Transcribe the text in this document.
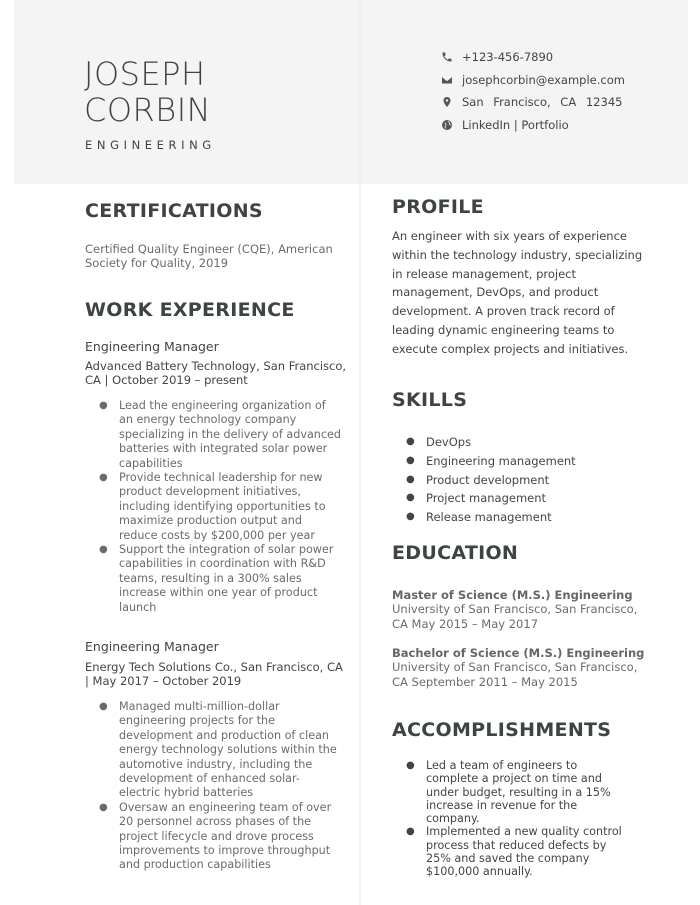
JOSEPH
CORBIN
ENGINEERING
+123-456-7890
josephcorbin@example.com
San Francisco, CA 12345
LinkedIn | Portfolio
CERTIFICATIONS
Certified Quality Engineer (CQE), American
Society for Quality, 2019
WORK EXPERIENCE
Engineering Manager
Advanced Battery Technology, San Francisco,
CA | October 2019 – present
● Lead the engineering organization of an energy technology company specializing in the delivery of advanced batteries with integrated solar power capabilities
● Provide technical leadership for new product development initiatives, including identifying opportunities to maximize production output and reduce costs by $200,000 per year
● Support the integration of solar power capabilities in coordination with R&D teams, resulting in a 300% sales increase within one year of product launch
Engineering Manager
Energy Tech Solutions Co., San Francisco, CA
| May 2017 – October 2019
● Managed multi-million-dollar engineering projects for the development and production of clean energy technology solutions within the automotive industry, including the development of enhanced solar-electric hybrid batteries
● Oversaw an engineering team of over 20 personnel across phases of the project lifecycle and drove process improvements to improve throughput and production capabilities
PROFILE
An engineer with six years of experience within the technology industry, specializing in release management, project management, DevOps, and product development. A proven track record of leading dynamic engineering teams to execute complex projects and initiatives.
SKILLS
● DevOps
● Engineering management
● Product development
● Project management
● Release management
EDUCATION
Master of Science (M.S.) Engineering
University of San Francisco, San Francisco,
CA May 2015 – May 2017
Bachelor of Science (M.S.) Engineering
University of San Francisco, San Francisco,
CA September 2011 – May 2015
ACCOMPLISHMENTS
● Led a team of engineers to complete a project on time and under budget, resulting in a 15% increase in revenue for the company.
● Implemented a new quality control process that reduced defects by 25% and saved the company $100,000 annually.
